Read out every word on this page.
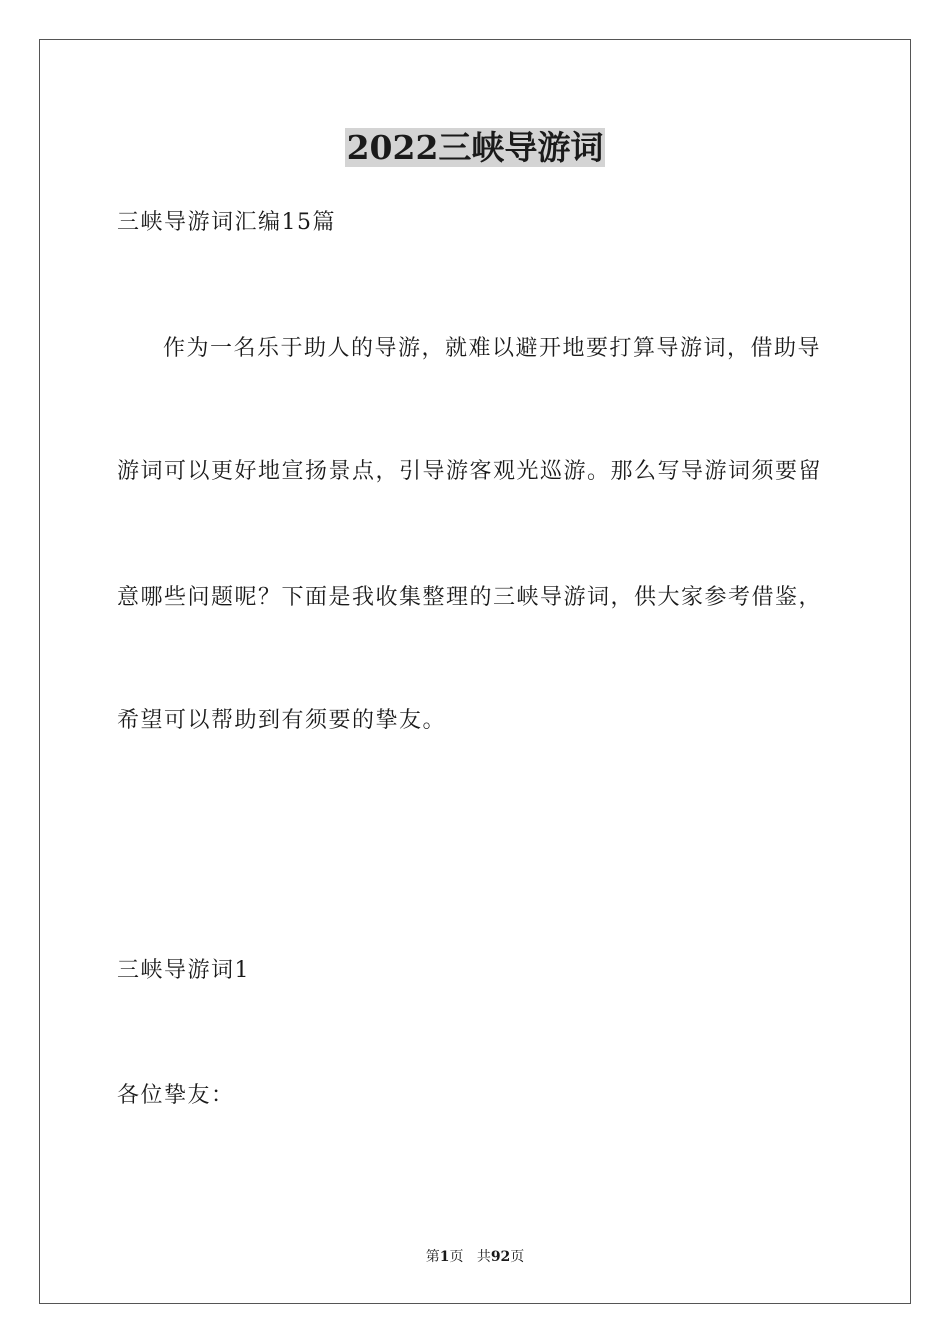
2022三峡导游词
三峡导游词汇编15篇
作为一名乐于助人的导游，就难以避开地要打算导游词，借助导
游词可以更好地宣扬景点，引导游客观光巡游。那么写导游词须要留
意哪些问题呢？下面是我收集整理的三峡导游词，供大家参考借鉴，
希望可以帮助到有须要的挚友。
三峡导游词1
各位挚友：
第1页 共92页
